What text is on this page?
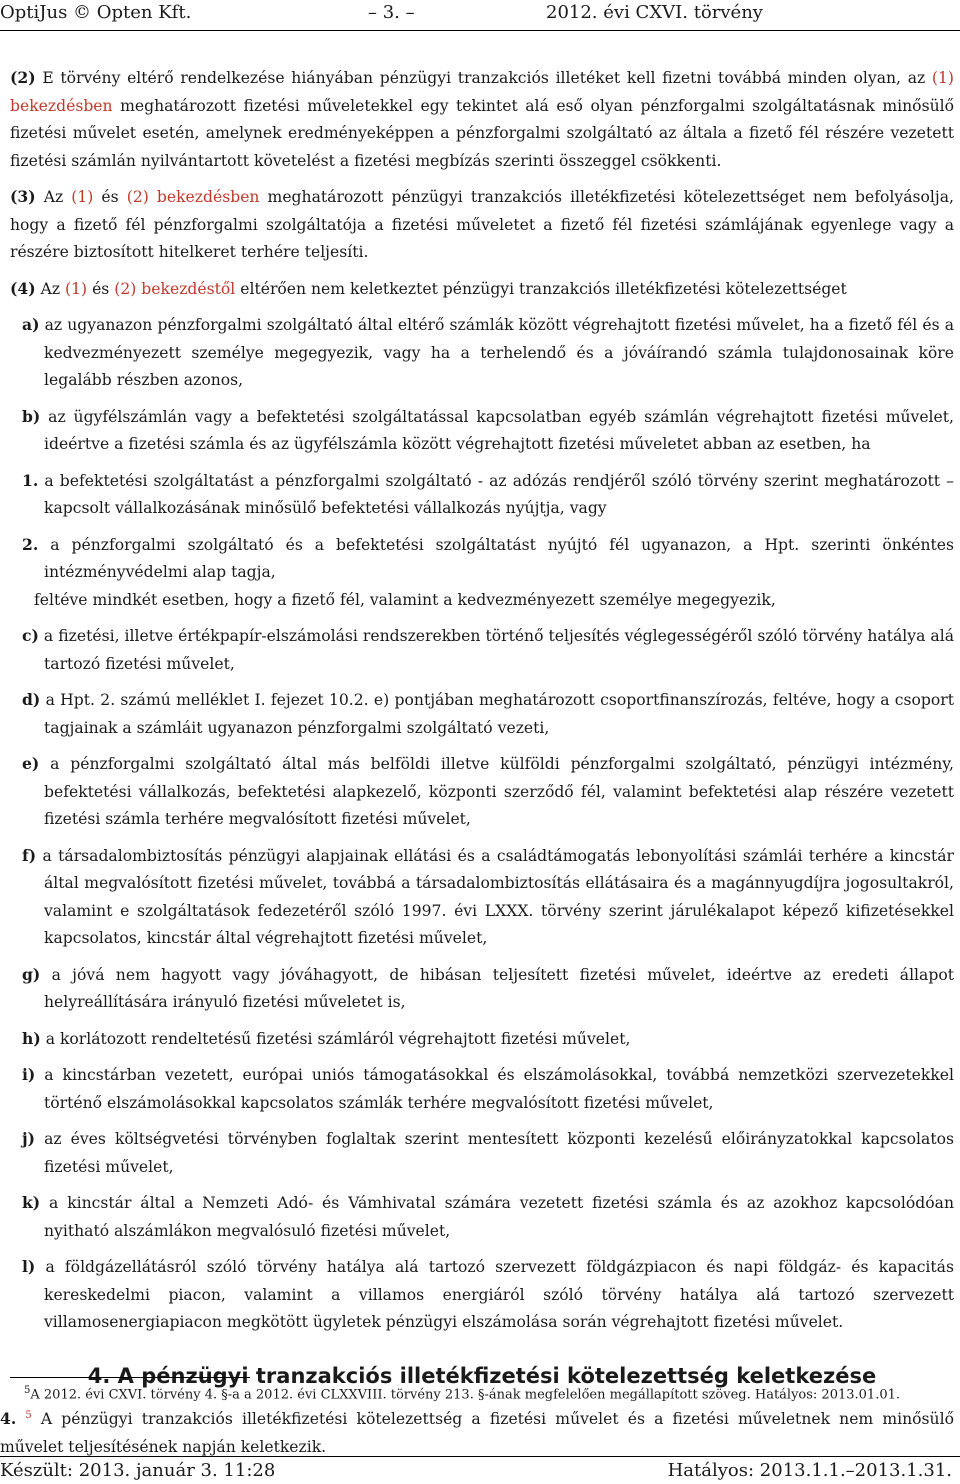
OptiJus © Opten Kft.	– 3. –	2012. évi CXVI. törvény

(2) E törvény eltérő rendelkezése hiányában pénzügyi tranzakciós illetéket kell fizetni továbbá minden olyan, az (1) bekezdésben meghatározott fizetési műveletekkel egy tekintet alá eső olyan pénzforgalmi szolgáltatásnak minősülő fizetési művelet esetén, amelynek eredményeképpen a pénzforgalmi szolgáltató az általa a fizető fél részére vezetett fizetési számlán nyilvántartott követelést a fizetési megbízás szerinti összeggel csökkenti.

(3) Az (1) és (2) bekezdésben meghatározott pénzügyi tranzakciós illetékfizetési kötelezettséget nem befolyásolja, hogy a fizető fél pénzforgalmi szolgáltatója a fizetési műveletet a fizető fél fizetési számlájának egyenlege vagy a részére biztosított hitelkeret terhére teljesíti.

(4) Az (1) és (2) bekezdéstől eltérően nem keletkeztet pénzügyi tranzakciós illetékfizetési kötelezettséget

a) az ugyanazon pénzforgalmi szolgáltató által eltérő számlák között végrehajtott fizetési művelet, ha a fizető fél és a kedvezményezett személye megegyezik, vagy ha a terhelendő és a jóváírandó számla tulajdonosainak köre legalább részben azonos,

b) az ügyfélszámlán vagy a befektetési szolgáltatással kapcsolatban egyéb számlán végrehajtott fizetési művelet, ideértve a fizetési számla és az ügyfélszámla között végrehajtott fizetési műveletet abban az esetben, ha

1. a befektetési szolgáltatást a pénzforgalmi szolgáltató - az adózás rendjéről szóló törvény szerint meghatározott – kapcsolt vállalkozásának minősülő befektetési vállalkozás nyújtja, vagy

2. a pénzforgalmi szolgáltató és a befektetési szolgáltatást nyújtó fél ugyanazon, a Hpt. szerinti önkéntes intézményvédelmi alap tagja,

feltéve mindkét esetben, hogy a fizető fél, valamint a kedvezményezett személye megegyezik,

c) a fizetési, illetve értékpapír-elszámolási rendszerekben történő teljesítés véglegességéről szóló törvény hatálya alá tartozó fizetési művelet,

d) a Hpt. 2. számú melléklet I. fejezet 10.2. e) pontjában meghatározott csoportfinanszírozás, feltéve, hogy a csoport tagjainak a számláit ugyanazon pénzforgalmi szolgáltató vezeti,

e) a pénzforgalmi szolgáltató által más belföldi illetve külföldi pénzforgalmi szolgáltató, pénzügyi intézmény, befektetési vállalkozás, befektetési alapkezelő, központi szerződő fél, valamint befektetési alap részére vezetett fizetési számla terhére megvalósított fizetési művelet,

f) a társadalombiztosítás pénzügyi alapjainak ellátási és a családtámogatás lebonyolítási számlái terhére a kincstár által megvalósított fizetési művelet, továbbá a társadalombiztosítás ellátásaira és a magánnyugdíjra jogosultakról, valamint e szolgáltatások fedezetéről szóló 1997. évi LXXX. törvény szerint járulékalapot képező kifizetésekkel kapcsolatos, kincstár által végrehajtott fizetési művelet,

g) a jóvá nem hagyott vagy jóváhagyott, de hibásan teljesített fizetési művelet, ideértve az eredeti állapot helyreállítására irányuló fizetési műveletet is,

h) a korlátozott rendeltetésű fizetési számláról végrehajtott fizetési művelet,

i) a kincstárban vezetett, európai uniós támogatásokkal és elszámolásokkal, továbbá nemzetközi szervezetekkel történő elszámolásokkal kapcsolatos számlák terhére megvalósított fizetési művelet,

j) az éves költségvetési törvényben foglaltak szerint mentesített központi kezelésű előirányzatokkal kapcsolatos fizetési művelet,

k) a kincstár által a Nemzeti Adó- és Vámhivatal számára vezetett fizetési számla és az azokhoz kapcsolódóan nyitható alszámlákon megvalósuló fizetési művelet,

l) a földgázellátásról szóló törvény hatálya alá tartozó szervezett földgázpiacon és napi földgáz- és kapacitás kereskedelmi piacon, valamint a villamos energiáról szóló törvény hatálya alá tartozó szervezett villamosenergiapiacon megkötött ügyletek pénzügyi elszámolása során végrehajtott fizetési művelet.

4. A pénzügyi tranzakciós illetékfizetési kötelezettség keletkezése

4. $^5$ A pénzügyi tranzakciós illetékfizetési kötelezettség a fizetési művelet és a fizetési műveletnek nem minősülő művelet teljesítésének napján keletkezik.

$^5$A 2012. évi CXVI. törvény 4. §-a a 2012. évi CLXXVIII. törvény 213. §-ának megfelelően megállapított szöveg. Hatályos: 2013.01.01.
Készült: 2013. január 3. 11:28	Hatályos: 2013.1.1.–2013.1.31.
